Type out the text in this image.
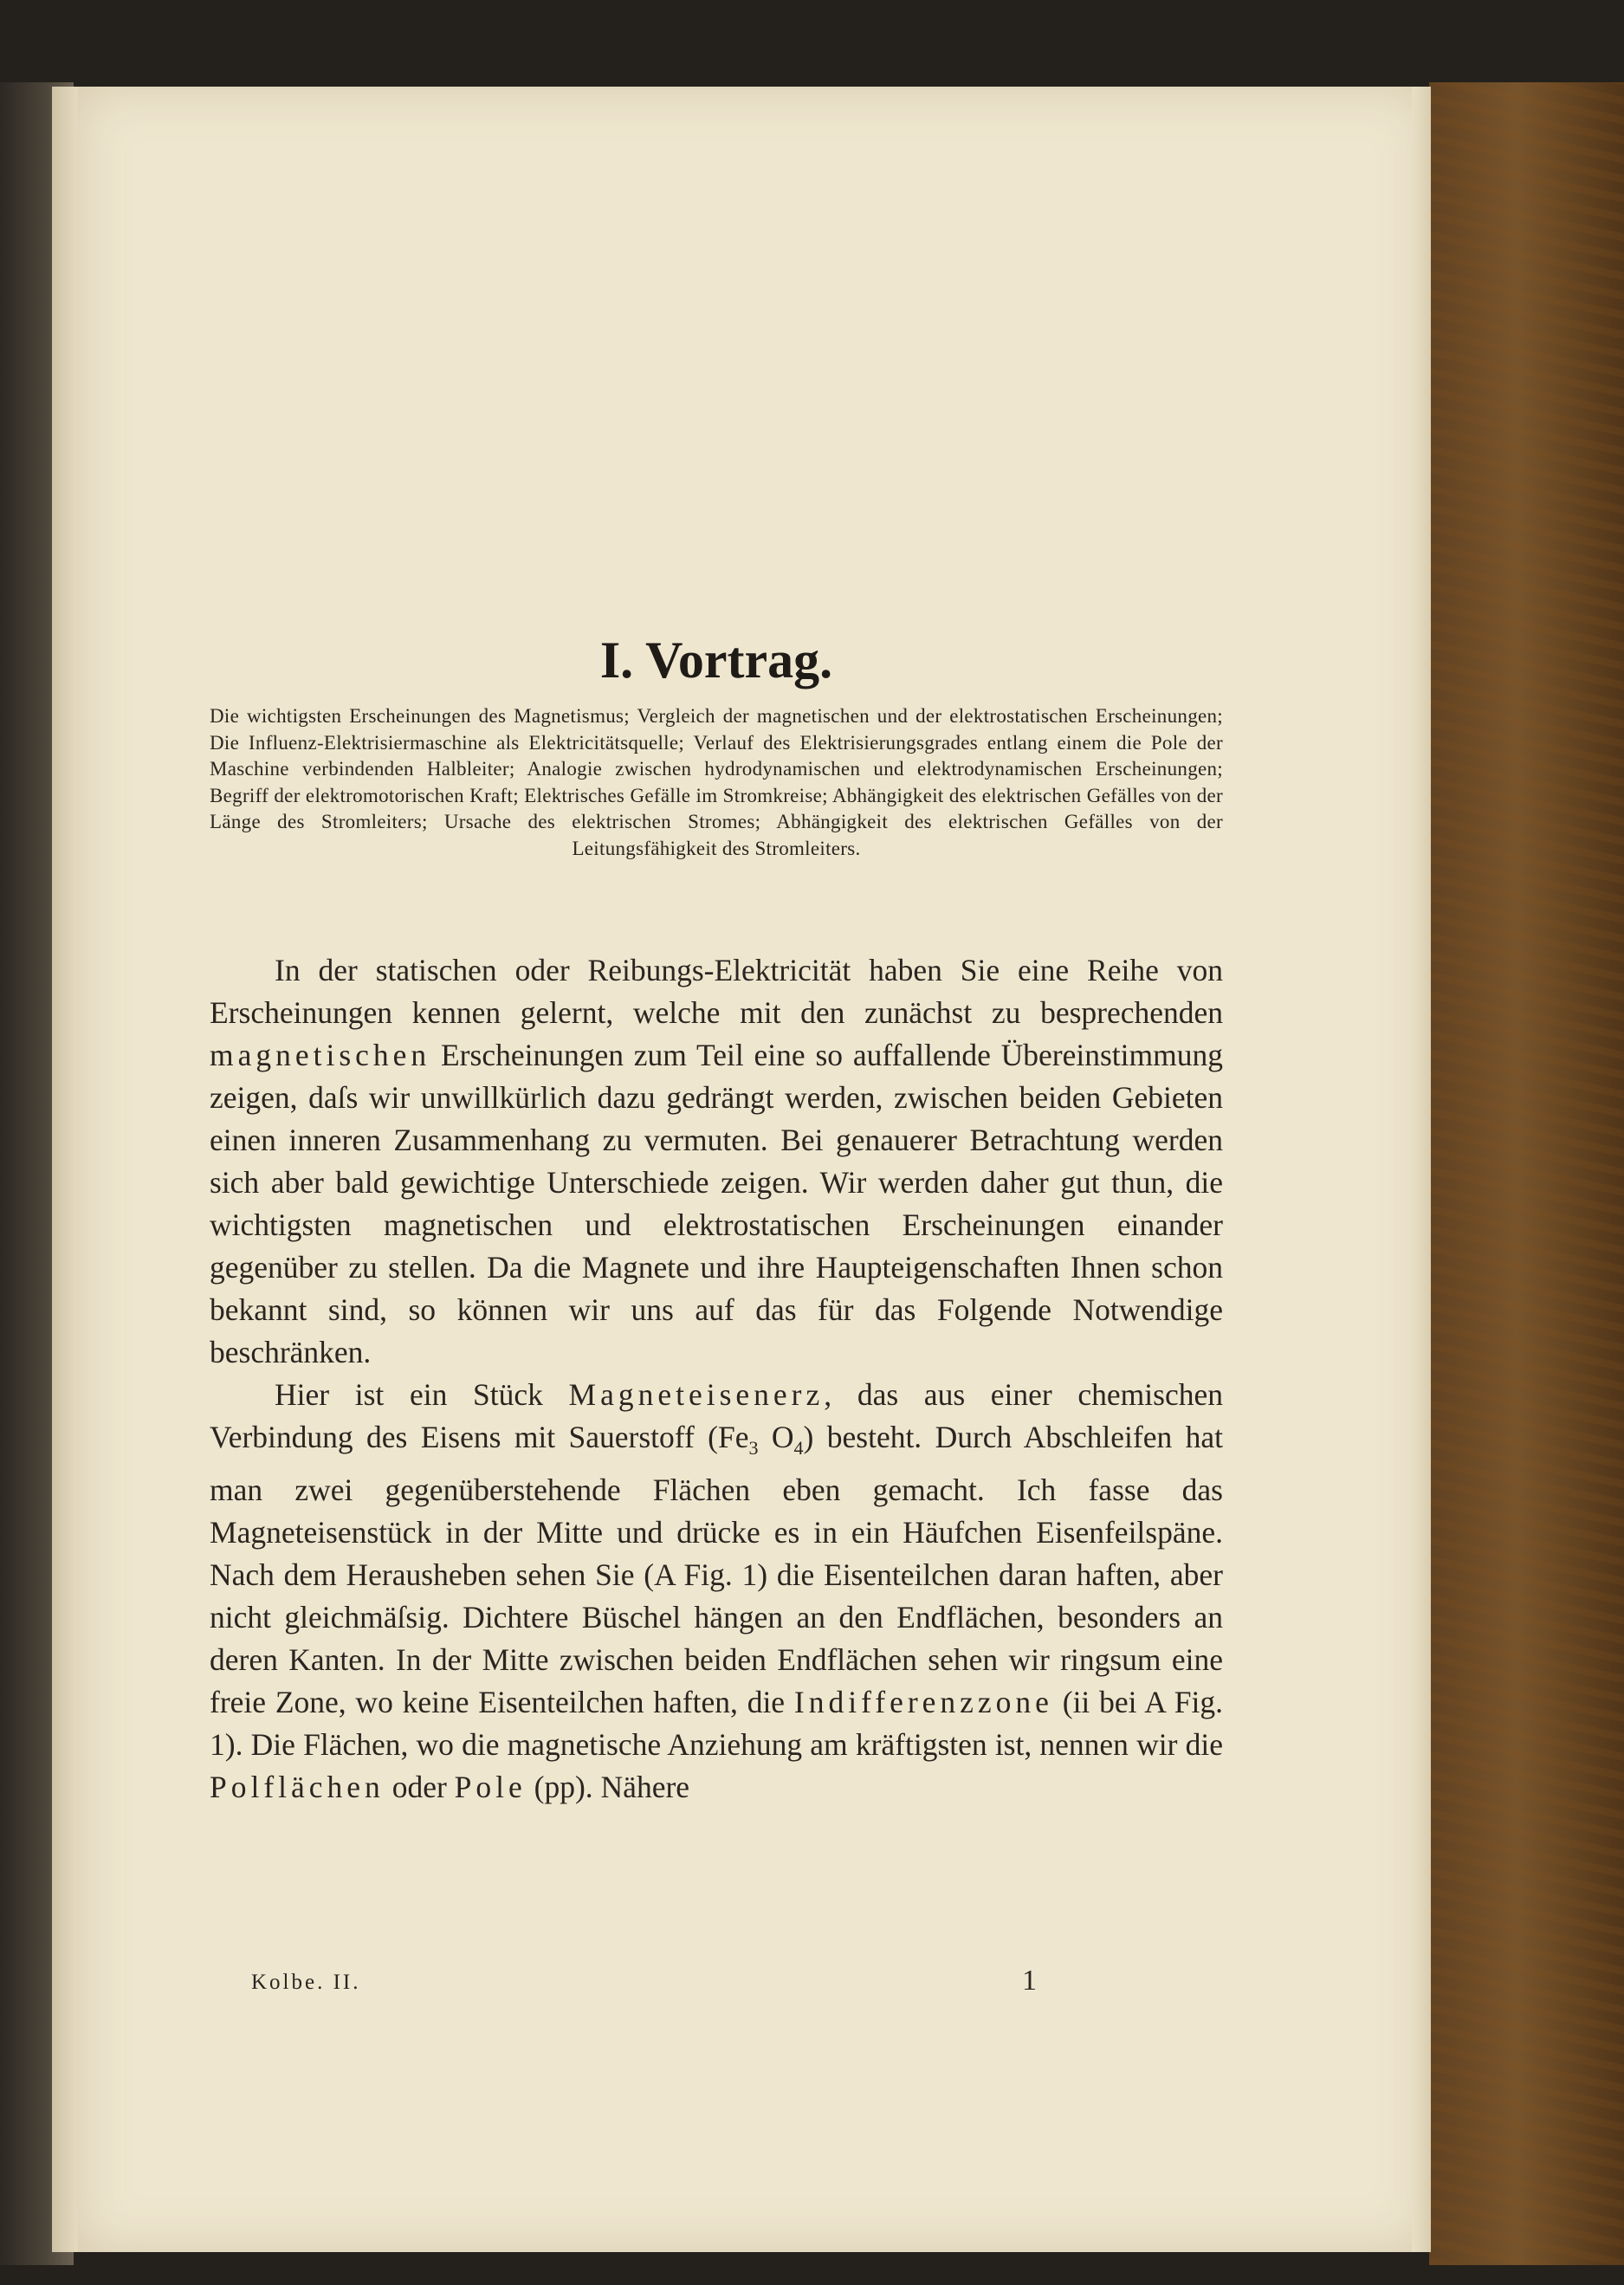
I. Vortrag.
Die wichtigsten Erscheinungen des Magnetismus; Vergleich der magnetischen und der elektrostatischen Erscheinungen; Die Influenz-Elektrisiermaschine als Elektricitätsquelle; Verlauf des Elektrisierungsgrades entlang einem die Pole der Maschine verbindenden Halbleiter; Analogie zwischen hydrodynamischen und elektrodynamischen Erscheinungen; Begriff der elektromotorischen Kraft; Elektrisches Gefälle im Stromkreise; Abhängigkeit des elektrischen Gefälles von der Länge des Stromleiters; Ursache des elektrischen Stromes; Abhängigkeit des elektrischen Gefälles von der Leitungsfähigkeit des Stromleiters.

In der statischen oder Reibungs-Elektricität haben Sie eine Reihe von Erscheinungen kennen gelernt, welche mit den zunächst zu besprechenden magnetischen Erscheinungen zum Teil eine so auffallende Übereinstimmung zeigen, daſs wir unwillkürlich dazu gedrängt werden, zwischen beiden Gebieten einen inneren Zusammenhang zu vermuten. Bei genauerer Betrachtung werden sich aber bald gewichtige Unterschiede zeigen. Wir werden daher gut thun, die wichtigsten magnetischen und elektrostatischen Erscheinungen einander gegenüber zu stellen. Da die Magnete und ihre Haupteigenschaften Ihnen schon bekannt sind, so können wir uns auf das für das Folgende Notwendige beschränken.

Hier ist ein Stück Magneteisenerz, das aus einer chemischen Verbindung des Eisens mit Sauerstoff ($Fe_3$ $O_4$) besteht. Durch Abschleifen hat man zwei gegenüberstehende Flächen eben gemacht. Ich fasse das Magneteisenstück in der Mitte und drücke es in ein Häufchen Eisenfeilspäne. Nach dem Herausheben sehen Sie (A Fig. 1) die Eisenteilchen daran haften, aber nicht gleichmäſsig. Dichtere Büschel hängen an den Endflächen, besonders an deren Kanten. In der Mitte zwischen beiden Endflächen sehen wir ringsum eine freie Zone, wo keine Eisenteilchen haften, die Indifferenzzone (ii bei A Fig. 1). Die Flächen, wo die magnetische Anziehung am kräftigsten ist, nennen wir die Polflächen oder Pole (pp). Nähere

Kolbe. II.	1
